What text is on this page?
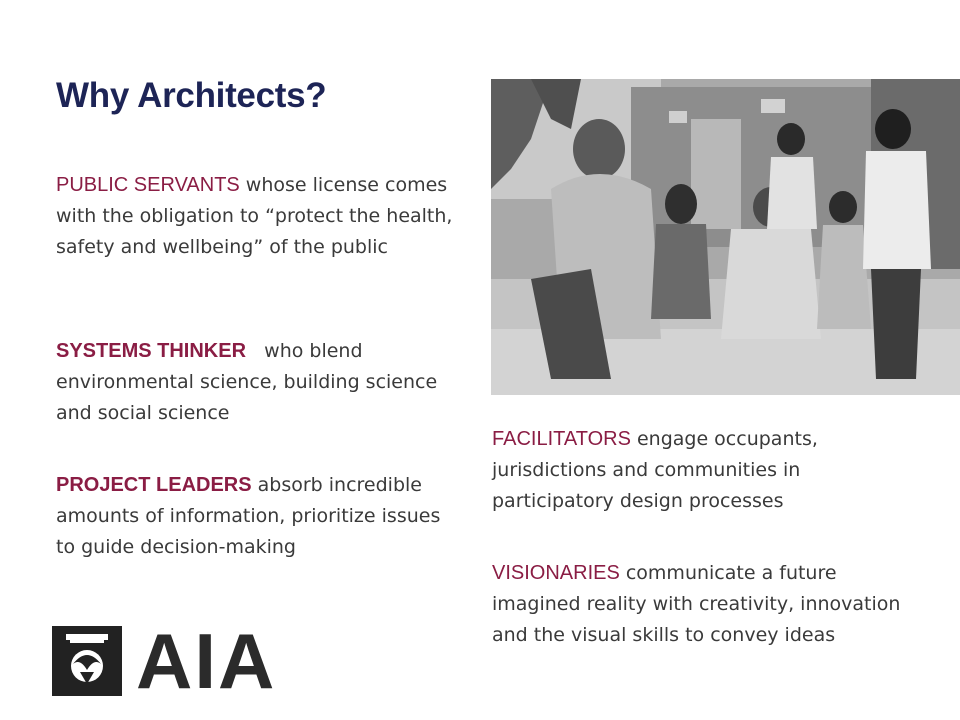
Why Architects?

PUBLIC SERVANTS whose license comes with the obligation to “protect the health, safety and wellbeing” of the public

SYSTEMS THINKER   who blend environmental science, building science and social science

PROJECT LEADERS absorb incredible amounts of information, prioritize issues to guide decision-making

FACILITATORS engage occupants, jurisdictions and communities in participatory design processes

VISIONARIES communicate a future imagined reality with creativity, innovation and the visual skills to convey ideas

AIA
